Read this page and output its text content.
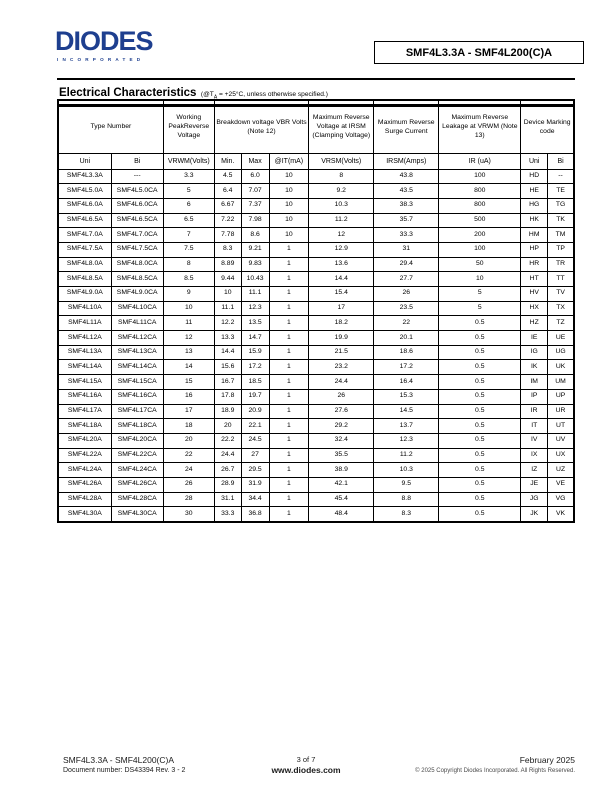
DIODES
INCORPORATED
SMF4L3.3A - SMF4L200(C)A
Electrical Characteristics ($@T_A = +25^\circ C$, unless otherwise specified.)
Type Number		Working PeakReverse Voltage	Breakdown voltage VBR Volts (Note 12)			Maximum Reverse Voltage at IRSM (Clamping Voltage)	Maximum Reverse Surge Current	Maximum Reverse Leakage at VRWM (Note 13)	Device Marking code	
Uni	Bi	VRWM(Volts)	Min.	Max	@IT(mA)	VRSM(Volts)	IRSM(Amps)	IR (uA)	Uni	Bi
SMF4L3.3A	---	3.3	4.5	6.0	10	8	43.8	100	HD	--
SMF4L5.0A	SMF4L5.0CA	5	6.4	7.07	10	9.2	43.5	800	HE	TE
SMF4L6.0A	SMF4L6.0CA	6	6.67	7.37	10	10.3	38.3	800	HG	TG
SMF4L6.5A	SMF4L6.5CA	6.5	7.22	7.98	10	11.2	35.7	500	HK	TK
SMF4L7.0A	SMF4L7.0CA	7	7.78	8.6	10	12	33.3	200	HM	TM
SMF4L7.5A	SMF4L7.5CA	7.5	8.3	9.21	1	12.9	31	100	HP	TP
SMF4L8.0A	SMF4L8.0CA	8	8.89	9.83	1	13.6	29.4	50	HR	TR
SMF4L8.5A	SMF4L8.5CA	8.5	9.44	10.43	1	14.4	27.7	10	HT	TT
SMF4L9.0A	SMF4L9.0CA	9	10	11.1	1	15.4	26	5	HV	TV
SMF4L10A	SMF4L10CA	10	11.1	12.3	1	17	23.5	5	HX	TX
SMF4L11A	SMF4L11CA	11	12.2	13.5	1	18.2	22	0.5	HZ	TZ
SMF4L12A	SMF4L12CA	12	13.3	14.7	1	19.9	20.1	0.5	IE	UE
SMF4L13A	SMF4L13CA	13	14.4	15.9	1	21.5	18.6	0.5	IG	UG
SMF4L14A	SMF4L14CA	14	15.6	17.2	1	23.2	17.2	0.5	IK	UK
SMF4L15A	SMF4L15CA	15	16.7	18.5	1	24.4	16.4	0.5	IM	UM
SMF4L16A	SMF4L16CA	16	17.8	19.7	1	26	15.3	0.5	IP	UP
SMF4L17A	SMF4L17CA	17	18.9	20.9	1	27.6	14.5	0.5	IR	UR
SMF4L18A	SMF4L18CA	18	20	22.1	1	29.2	13.7	0.5	IT	UT
SMF4L20A	SMF4L20CA	20	22.2	24.5	1	32.4	12.3	0.5	IV	UV
SMF4L22A	SMF4L22CA	22	24.4	27	1	35.5	11.2	0.5	IX	UX
SMF4L24A	SMF4L24CA	24	26.7	29.5	1	38.9	10.3	0.5	IZ	UZ
SMF4L26A	SMF4L26CA	26	28.9	31.9	1	42.1	9.5	0.5	JE	VE
SMF4L28A	SMF4L28CA	28	31.1	34.4	1	45.4	8.8	0.5	JG	VG
SMF4L30A	SMF4L30CA	30	33.3	36.8	1	48.4	8.3	0.5	JK	VK
SMF4L3.3A - SMF4L200(C)A
Document number: DS43394 Rev. 3 - 2
3 of 7
www.diodes.com
February 2025
© 2025 Copyright Diodes Incorporated. All Rights Reserved.
